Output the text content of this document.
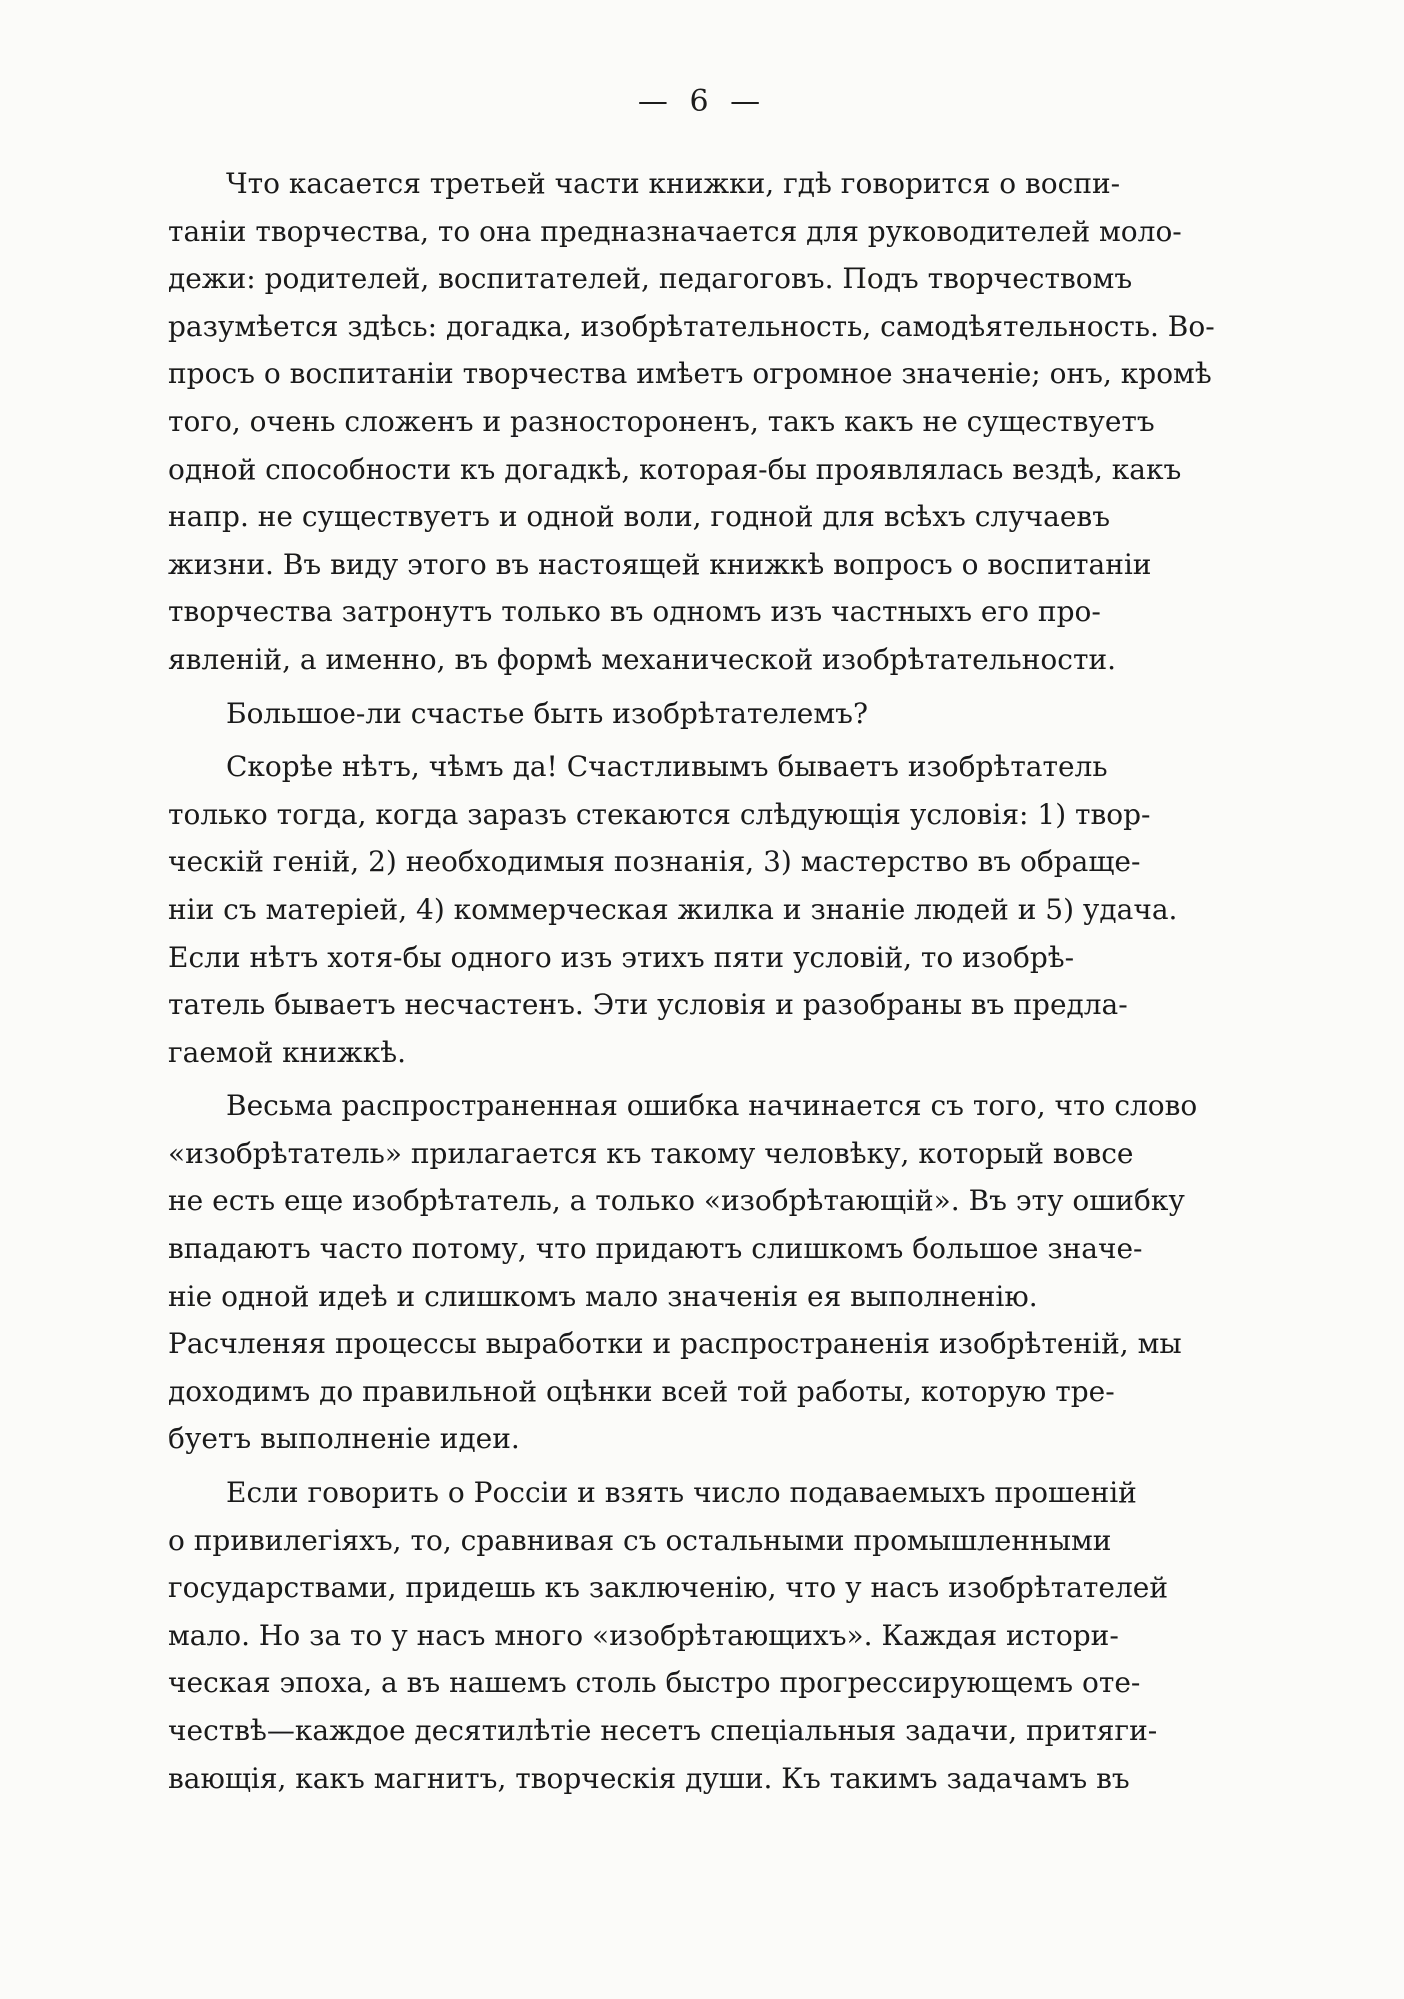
— 6 —

Что касается третьей части книжки, гдѣ говорится о воспи-
таніи творчества, то она предназначается для руководителей моло-
дежи: родителей, воспитателей, педагоговъ. Подъ творчествомъ
разумѣется здѣсь: догадка, изобрѣтательность, самодѣятельность. Во-
просъ о воспитаніи творчества имѣетъ огромное значеніе; онъ, кромѣ
того, очень сложенъ и разностороненъ, такъ какъ не существуетъ
одной способности къ догадкѣ, которая-бы проявлялась вездѣ, какъ
напр. не существуетъ и одной воли, годной для всѣхъ случаевъ
жизни. Въ виду этого въ настоящей книжкѣ вопросъ о воспитаніи
творчества затронутъ только въ одномъ изъ частныхъ его про-
явленій, а именно, въ формѣ механической изобрѣтательности.

Большое-ли счастье быть изобрѣтателемъ?

Скорѣе нѣтъ, чѣмъ да! Счастливымъ бываетъ изобрѣтатель
только тогда, когда заразъ стекаются слѣдующія условія: 1) твор-
ческій геній, 2) необходимыя познанія, 3) мастерство въ обраще-
ніи съ матеріей, 4) коммерческая жилка и знаніе людей и 5) удача.
Если нѣтъ хотя-бы одного изъ этихъ пяти условій, то изобрѣ-
татель бываетъ несчастенъ. Эти условія и разобраны въ предла-
гаемой книжкѣ.

Весьма распространенная ошибка начинается съ того, что слово
«изобрѣтатель» прилагается къ такому человѣку, который вовсе
не есть еще изобрѣтатель, а только «изобрѣтающій». Въ эту ошибку
впадаютъ часто потому, что придаютъ слишкомъ большое значе-
ніе одной идеѣ и слишкомъ мало значенія ея выполненію.
Расчленяя процессы выработки и распространенія изобрѣтеній, мы
доходимъ до правильной оцѣнки всей той работы, которую тре-
буетъ выполненіе идеи.

Если говорить о Россіи и взять число подаваемыхъ прошеній
о привилегіяхъ, то, сравнивая съ остальными промышленными
государствами, придешь къ заключенію, что у насъ изобрѣтателей
мало. Но за то у насъ много «изобрѣтающихъ». Каждая истори-
ческая эпоха, а въ нашемъ столь быстро прогрессирующемъ оте-
чествѣ—каждое десятилѣтіе несетъ спеціальныя задачи, притяги-
вающія, какъ магнитъ, творческія души. Къ такимъ задачамъ въ
